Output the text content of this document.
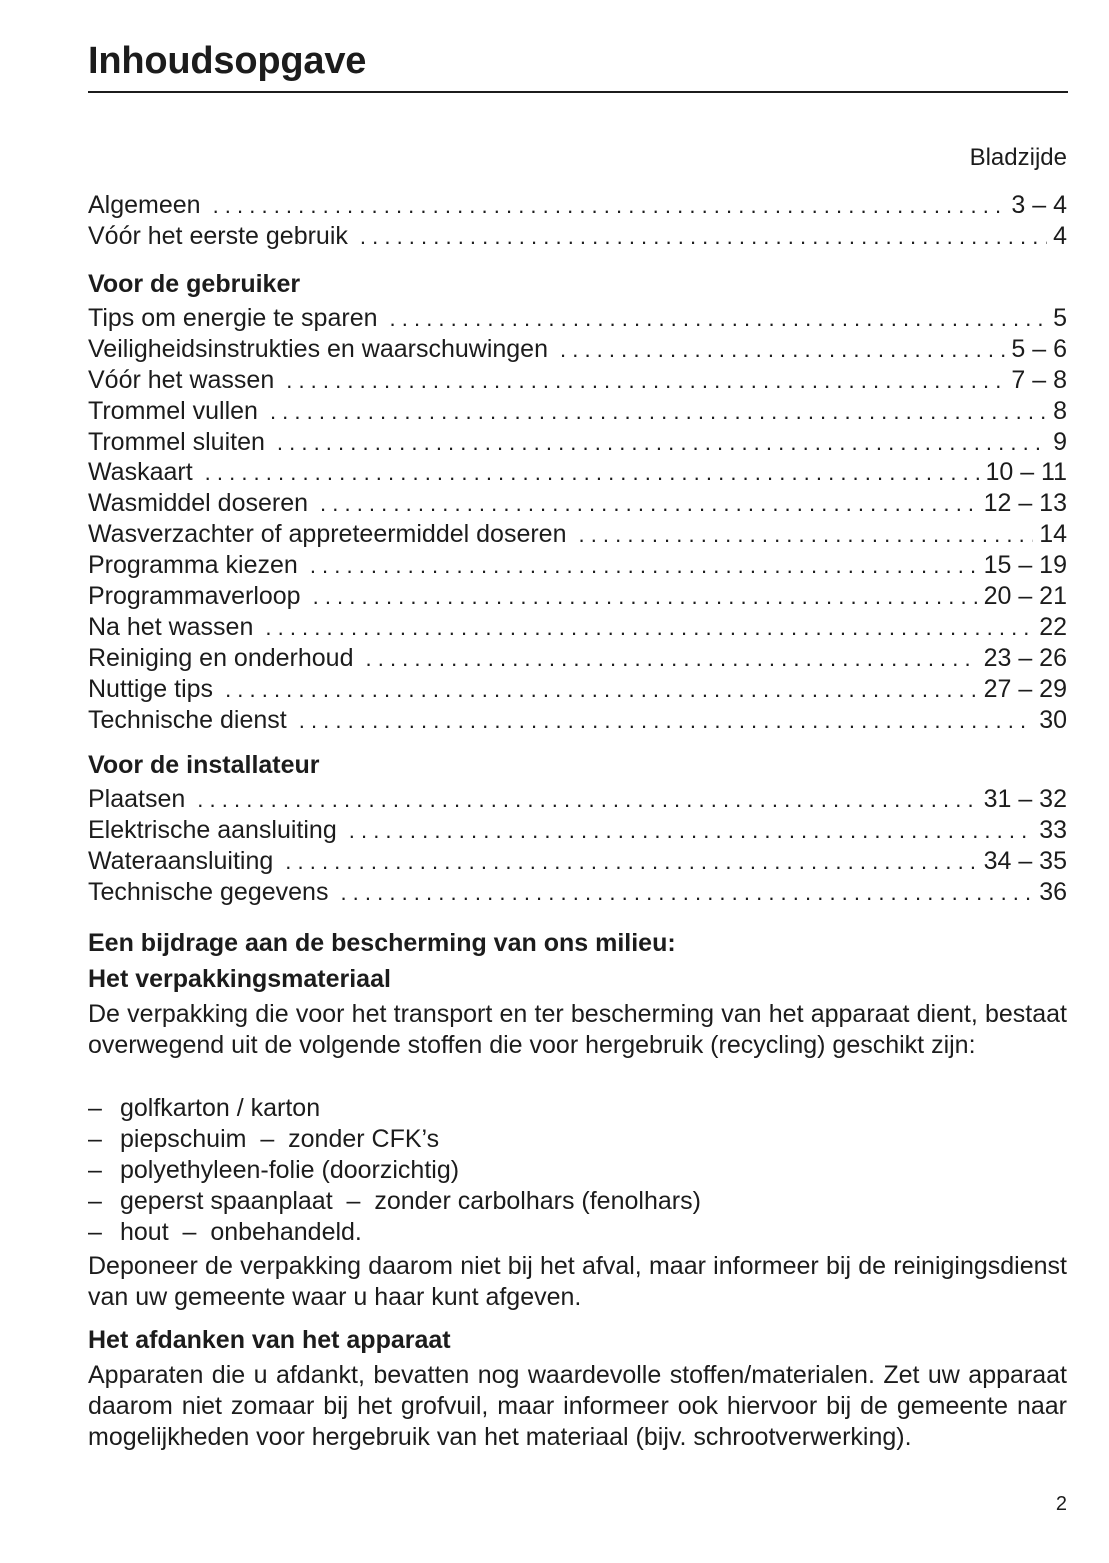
Inhoudsopgave
Bladzijde
Algemeen . . .	3 – 4
Vóór het eerste gebruik . . .	4
Voor de gebruiker
Tips om energie te sparen . . .	5
Veiligheidsinstrukties en waarschuwingen . . .	5 – 6
Vóór het wassen . . .	7 – 8
Trommel vullen . . .	8
Trommel sluiten . . .	9
Waskaart . . .	10 – 11
Wasmiddel doseren . . .	12 – 13
Wasverzachter of appreteermiddel doseren . . .	14
Programma kiezen . . .	15 – 19
Programmaverloop . . .	20 – 21
Na het wassen . . .	22
Reiniging en onderhoud . . .	23 – 26
Nuttige tips . . .	27 – 29
Technische dienst . . .	30
Voor de installateur
Plaatsen . . .	31 – 32
Elektrische aansluiting . . .	33
Wateraansluiting . . .	34 – 35
Technische gegevens . . .	36
Een bijdrage aan de bescherming van ons milieu:
Het verpakkingsmateriaal

De verpakking die voor het transport en ter bescherming van het apparaat dient, bestaat overwegend uit de volgende stoffen die voor hergebruik (recycling) geschikt zijn:

– golfkarton / karton
– piepschuim  –  zonder CFK’s
– polyethyleen-folie (doorzichtig)
– geperst spaanplaat  –  zonder carbolhars (fenolhars)
– hout  –  onbehandeld.

Deponeer de verpakking daarom niet bij het afval, maar informeer bij de reinigingsdienst van uw gemeente waar u haar kunt afgeven.

Het afdanken van het apparaat

Apparaten die u afdankt, bevatten nog waardevolle stoffen/materialen. Zet uw apparaat daarom niet zomaar bij het grofvuil, maar informeer ook hiervoor bij de gemeente naar mogelijkheden voor hergebruik van het materiaal (bijv. schrootverwerking).

2
